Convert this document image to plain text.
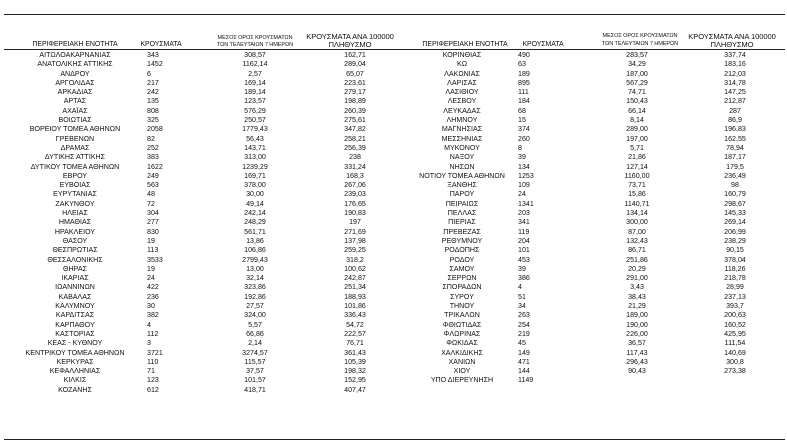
ΠΕΡΙΦΕΡΕΙΑΚΗ ΕΝΟΤΗΤΑ	ΚΡΟΥΣΜΑΤΑ
ΜΕΣΟΣ ΟΡΟΣ ΚΡΟΥΣΜΑΤΩΝ
ΤΩΝ ΤΕΛΕΥΤΑΙΩΝ 7 ΗΜΕΡΩΝ
ΚΡΟΥΣΜΑΤΑ ΑΝΑ 100000
ΠΛΗΘΥΣΜΟ
ΑΙΤΩΛΟΑΚΑΡΝΑΝΙΑΣ	343	308,57	162,71
ΑΝΑΤΟΛΙΚΗΣ ΑΤΤΙΚΗΣ	1452	1162,14	289,04
ΑΝΔΡΟΥ	6	2,57	65,07
ΑΡΓΟΛΙΔΑΣ	217	169,14	223,61
ΑΡΚΑΔΙΑΣ	242	189,14	279,17
ΑΡΤΑΣ	135	123,57	198,89
ΑΧΑΪΑΣ	808	576,29	260,39
ΒΟΙΩΤΙΑΣ	325	250,57	275,61
ΒΟΡΕΙΟΥ ΤΟΜΕΑ ΑΘΗΝΩΝ	2058	1779,43	347,82
ΓΡΕΒΕΝΩΝ	82	56,43	258,21
ΔΡΑΜΑΣ	252	143,71	256,39
ΔΥΤΙΚΗΣ ΑΤΤΙΚΗΣ	383	313,00	238
ΔΥΤΙΚΟΥ ΤΟΜΕΑ ΑΘΗΝΩΝ	1622	1239,29	331,24
ΕΒΡΟΥ	249	169,71	168,3
ΕΥΒΟΙΑΣ	563	378,00	267,06
ΕΥΡΥΤΑΝΙΑΣ	48	30,00	239,03
ΖΑΚΥΝΘΟΥ	72	49,14	176,65
ΗΛΕΙΑΣ	304	242,14	190,83
ΗΜΑΘΙΑΣ	277	248,29	197
ΗΡΑΚΛΕΙΟΥ	830	561,71	271,69
ΘΑΣΟΥ	19	13,86	137,98
ΘΕΣΠΡΩΤΙΑΣ	113	106,86	259,25
ΘΕΣΣΑΛΟΝΙΚΗΣ	3533	2799,43	318,2
ΘΗΡΑΣ	19	13,00	100,62
ΙΚΑΡΙΑΣ	24	32,14	242,87
ΙΩΑΝΝΙΝΩΝ	422	323,86	251,34
ΚΑΒΑΛΑΣ	236	192,86	188,93
ΚΑΛΥΜΝΟΥ	30	27,57	101,86
ΚΑΡΔΙΤΣΑΣ	382	324,00	336,43
ΚΑΡΠΑΘΟΥ	4	5,57	54,72
ΚΑΣΤΟΡΙΑΣ	112	66,86	222,57
ΚΕΑΣ - ΚΥΘΝΟΥ	3	2,14	76,71
ΚΕΝΤΡΙΚΟΥ ΤΟΜΕΑ ΑΘΗΝΩΝ	3721	3274,57	361,43
ΚΕΡΚΥΡΑΣ	110	115,57	105,39
ΚΕΦΑΛΛΗΝΙΑΣ	71	37,57	198,32
ΚΙΛΚΙΣ	123	101,57	152,95
ΚΟΖΑΝΗΣ	612	418,71	407,47
ΠΕΡΙΦΕΡΕΙΑΚΗ ΕΝΟΤΗΤΑ	ΚΡΟΥΣΜΑΤΑ
ΜΕΣΟΣ ΟΡΟΣ ΚΡΟΥΣΜΑΤΩΝ
ΤΩΝ ΤΕΛΕΥΤΑΙΩΝ 7 ΗΜΕΡΩΝ
ΚΡΟΥΣΜΑΤΑ ΑΝΑ 100000
ΠΛΗΘΥΣΜΟ
ΚΟΡΙΝΘΙΑΣ	490	283,57	337,74
ΚΩ	63	34,29	183,16
ΛΑΚΩΝΙΑΣ	189	187,00	212,03
ΛΑΡΙΣΑΣ	895	567,29	314,78
ΛΑΣΙΘΙΟΥ	111	74,71	147,25
ΛΕΣΒΟΥ	184	150,43	212,87
ΛΕΥΚΑΔΑΣ	68	66,14	287
ΛΗΜΝΟΥ	15	8,14	86,9
ΜΑΓΝΗΣΙΑΣ	374	289,00	196,83
ΜΕΣΣΗΝΙΑΣ	260	197,00	162,55
ΜΥΚΟΝΟΥ	8	5,71	78,94
ΝΑΞΟΥ	39	21,86	187,17
ΝΗΣΩΝ	134	127,14	179,5
ΝΟΤΙΟΥ ΤΟΜΕΑ ΑΘΗΝΩΝ	1253	1160,00	236,49
ΞΑΝΘΗΣ	109	73,71	98
ΠΑΡΟΥ	24	15,86	160,79
ΠΕΙΡΑΙΩΣ	1341	1140,71	298,67
ΠΕΛΛΑΣ	203	134,14	145,33
ΠΙΕΡΙΑΣ	341	300,00	269,14
ΠΡΕΒΕΖΑΣ	119	87,00	206,99
ΡΕΘΥΜΝΟΥ	204	132,43	238,29
ΡΟΔΟΠΗΣ	101	86,71	90,15
ΡΟΔΟΥ	453	251,86	378,04
ΣΑΜΟΥ	39	20,29	118,26
ΣΕΡΡΩΝ	386	291,00	218,78
ΣΠΟΡΑΔΩΝ	4	3,43	28,99
ΣΥΡΟΥ	51	38,43	237,13
ΤΗΝΟΥ	34	21,29	393,7
ΤΡΙΚΑΛΩΝ	263	189,00	200,63
ΦΘΙΩΤΙΔΑΣ	254	190,00	160,52
ΦΛΩΡΙΝΑΣ	219	226,00	425,95
ΦΩΚΙΔΑΣ	45	36,57	111,54
ΧΑΛΚΙΔΙΚΗΣ	149	117,43	140,69
ΧΑΝΙΩΝ	471	296,43	300,8
ΧΙΟΥ	144	90,43	273,38
ΥΠΟ ΔΙΕΡΕΥΝΗΣΗ	1149
